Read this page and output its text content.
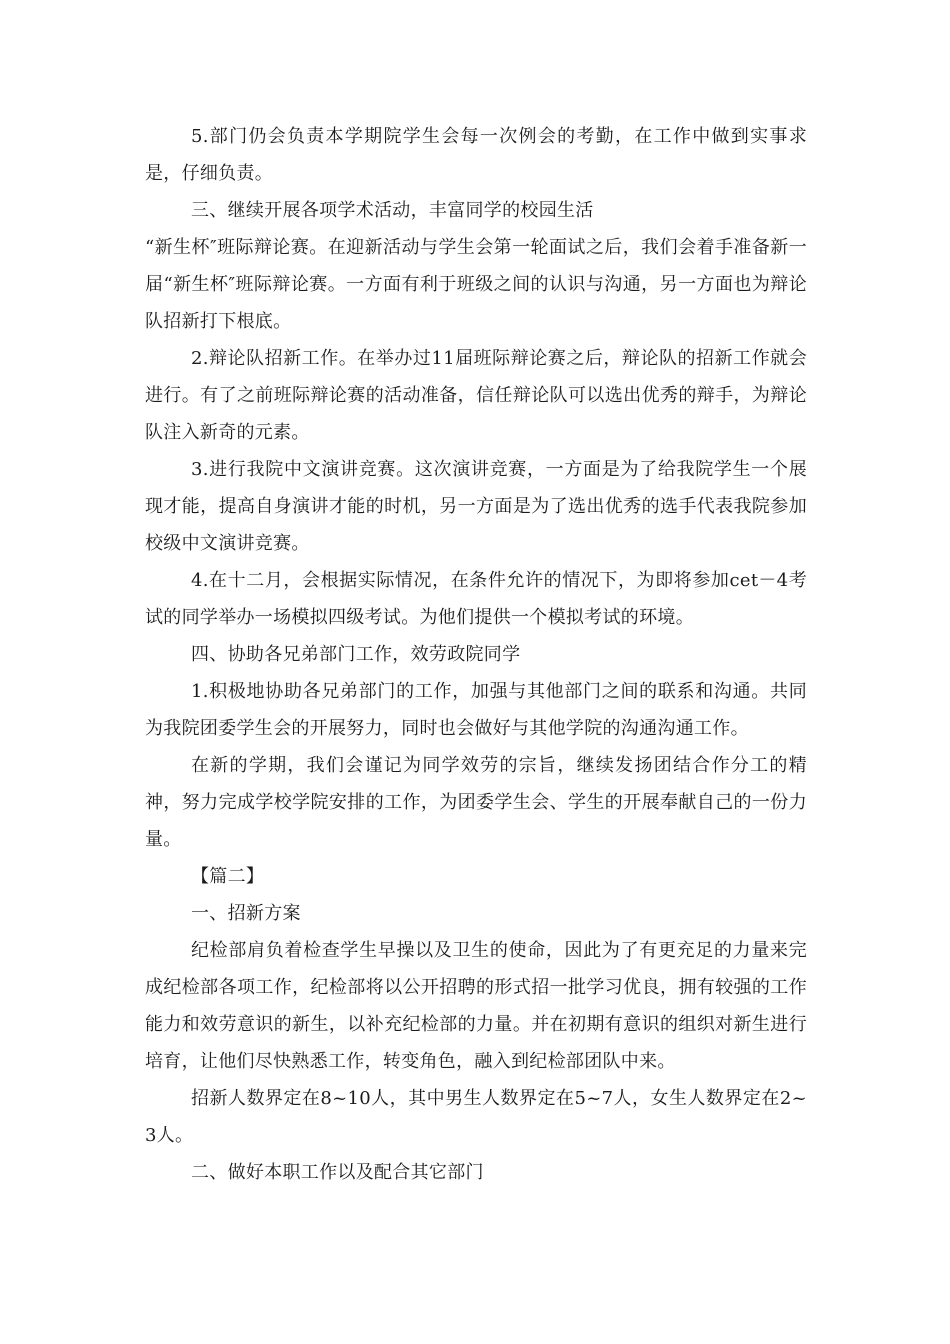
5.部门仍会负责本学期院学生会每一次例会的考勤，在工作中做到实事求是，仔细负责。

三、继续开展各项学术活动，丰富同学的校园生活

“新生杯″班际辩论赛。在迎新活动与学生会第一轮面试之后，我们会着手准备新一届“新生杯″班际辩论赛。一方面有利于班级之间的认识与沟通，另一方面也为辩论队招新打下根底。

2.辩论队招新工作。在举办过11届班际辩论赛之后，辩论队的招新工作就会进行。有了之前班际辩论赛的活动准备，信任辩论队可以选出优秀的辩手，为辩论队注入新奇的元素。

3.进行我院中文演讲竞赛。这次演讲竞赛，一方面是为了给我院学生一个展现才能，提高自身演讲才能的时机，另一方面是为了选出优秀的选手代表我院参加校级中文演讲竞赛。

4.在十二月，会根据实际情况，在条件允许的情况下，为即将参加cet－4考试的同学举办一场模拟四级考试。为他们提供一个模拟考试的环境。

四、协助各兄弟部门工作，效劳政院同学

1.积极地协助各兄弟部门的工作，加强与其他部门之间的联系和沟通。共同为我院团委学生会的开展努力，同时也会做好与其他学院的沟通沟通工作。

在新的学期，我们会谨记为同学效劳的宗旨，继续发扬团结合作分工的精神，努力完成学校学院安排的工作，为团委学生会、学生的开展奉献自己的一份力量。

【篇二】

一、招新方案

纪检部肩负着检查学生早操以及卫生的使命，因此为了有更充足的力量来完成纪检部各项工作，纪检部将以公开招聘的形式招一批学习优良，拥有较强的工作能力和效劳意识的新生，以补充纪检部的力量。并在初期有意识的组织对新生进行培育，让他们尽快熟悉工作，转变角色，融入到纪检部团队中来。

招新人数界定在8~10人，其中男生人数界定在5~7人，女生人数界定在2~3人。

二、做好本职工作以及配合其它部门
